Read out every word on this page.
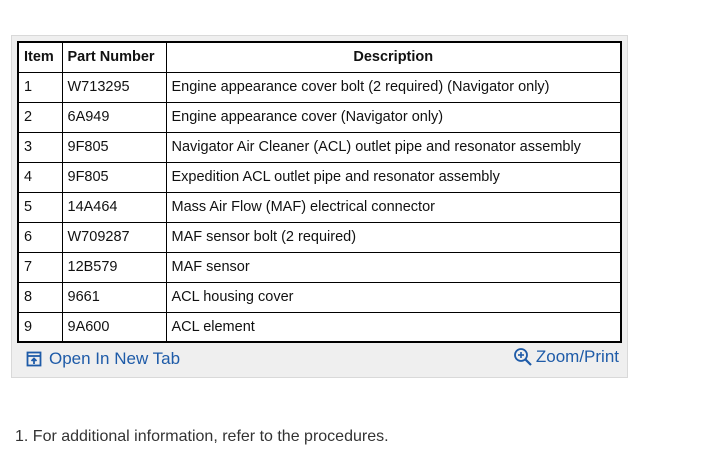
Item	Part Number	Description
1	W713295	Engine appearance cover bolt (2 required) (Navigator only)
2	6A949	Engine appearance cover (Navigator only)
3	9F805	Navigator Air Cleaner (ACL) outlet pipe and resonator assembly
4	9F805	Expedition ACL outlet pipe and resonator assembly
5	14A464	Mass Air Flow (MAF) electrical connector
6	W709287	MAF sensor bolt (2 required)
7	12B579	MAF sensor
8	9661	ACL housing cover
9	9A600	ACL element
Open In New Tab	Zoom/Print
1. For additional information, refer to the procedures.
